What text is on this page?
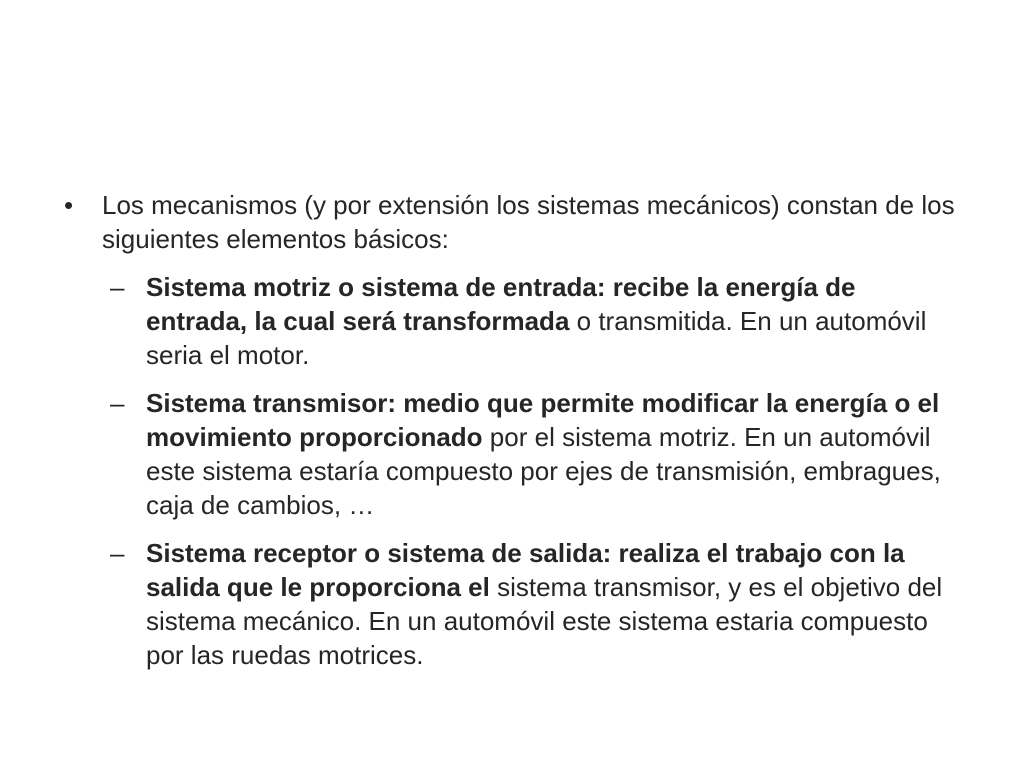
•	Los mecanismos (y por extensión los sistemas mecánicos) constan de los siguientes elementos básicos:
– Sistema motriz o sistema de entrada: recibe la energía de entrada, la cual será transformada o transmitida. En un automóvil seria el motor.
– Sistema transmisor: medio que permite modificar la energía o el movimiento proporcionado por el sistema motriz. En un automóvil este sistema estaría compuesto por ejes de transmisión, embragues, caja de cambios, …
– Sistema receptor o sistema de salida: realiza el trabajo con la salida que le proporciona el sistema transmisor, y es el objetivo del sistema mecánico. En un automóvil este sistema estaria compuesto por las ruedas motrices.
